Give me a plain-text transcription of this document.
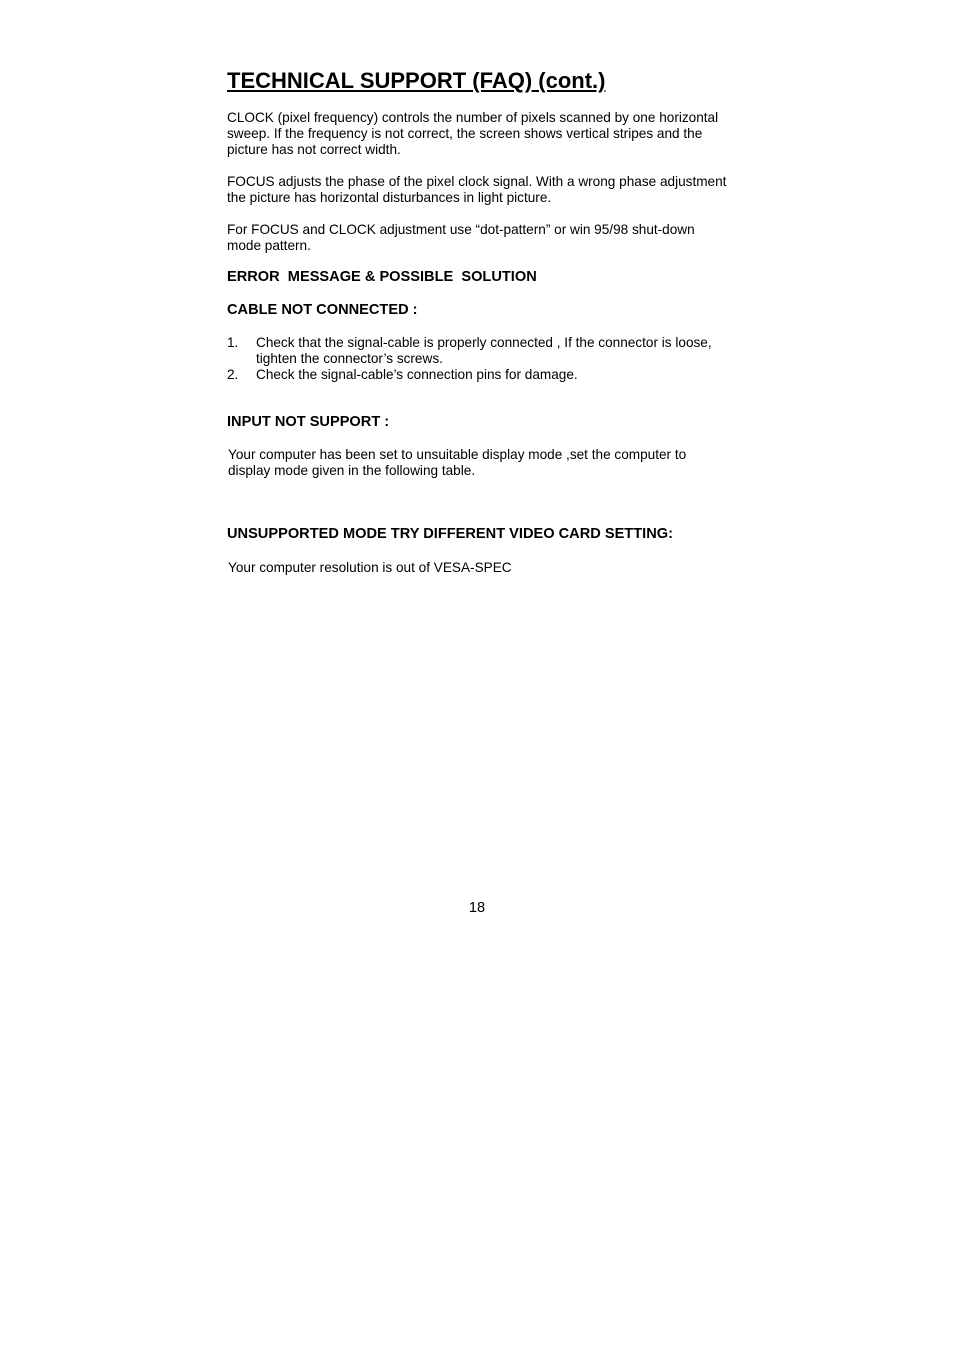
TECHNICAL SUPPORT (FAQ) (cont.)

CLOCK (pixel frequency) controls the number of pixels scanned by one horizontal sweep. If the frequency is not correct, the screen shows vertical stripes and the picture has not correct width.

FOCUS adjusts the phase of the pixel clock signal. With a wrong phase adjustment the picture has horizontal disturbances in light picture.

For FOCUS and CLOCK adjustment use “dot-pattern” or win 95/98 shut-down mode pattern.

ERROR  MESSAGE & POSSIBLE  SOLUTION
CABLE NOT CONNECTED :
1. Check that the signal-cable is properly connected , If the connector is loose,  tighten the connector’s screws.
2. Check the signal-cable’s connection pins for damage.
INPUT NOT SUPPORT :

Your computer has been set to unsuitable display mode ,set the computer to display mode given in the following table.

UNSUPPORTED MODE TRY DIFFERENT VIDEO CARD SETTING:

Your computer resolution is out of VESA-SPEC

18
